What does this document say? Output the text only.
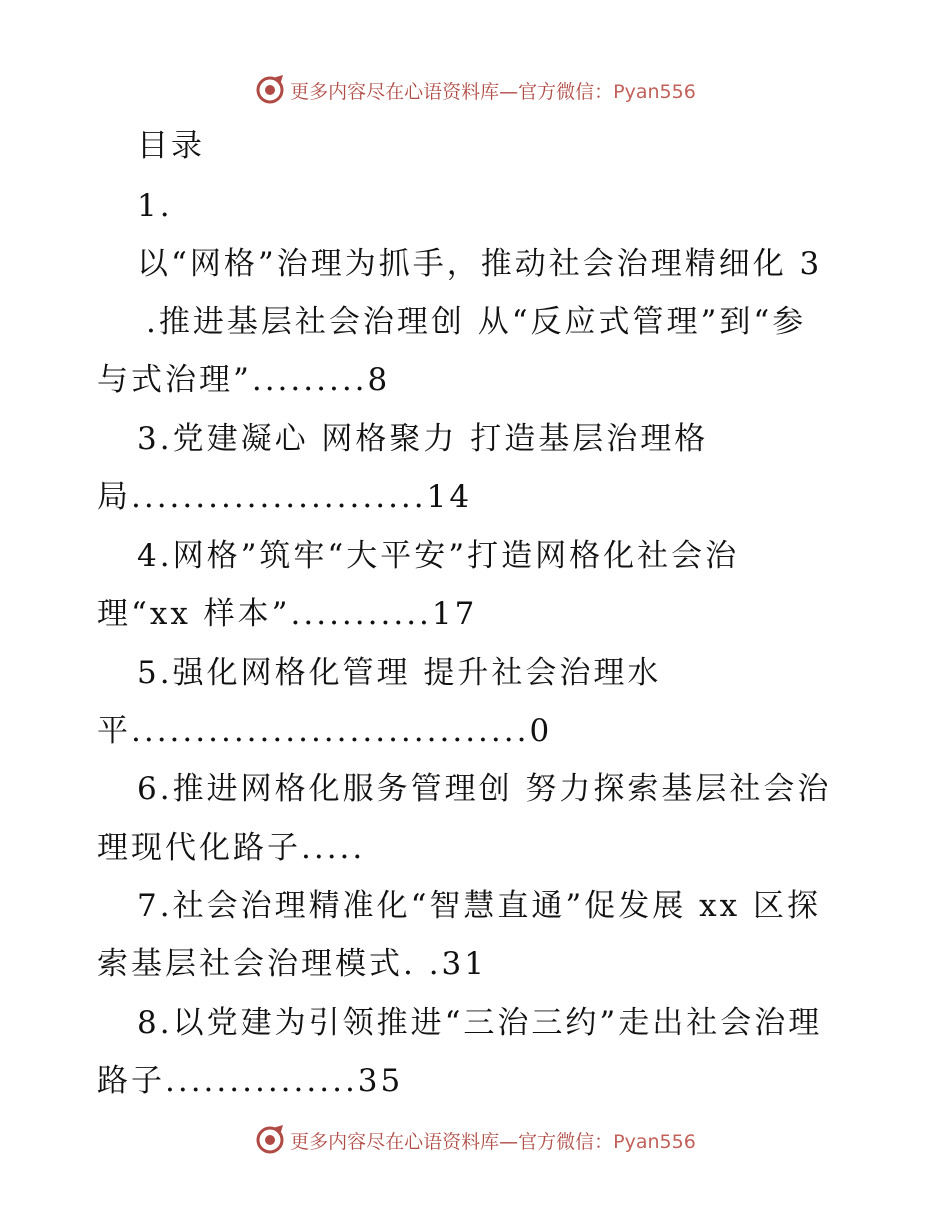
更多内容尽在心语资料库—官方微信：Pyan556
目录
1.
以“网格”治理为抓手，推动社会治理精细化 3
.推进基层社会治理创 从“反应式管理”到“参
与式治理”.........8
3.党建凝心 网格聚力 打造基层治理格
局.......................14
4.网格”筑牢“大平安”打造网格化社会治
理“xx 样本”...........17
5.强化网格化管理 提升社会治理水
平...............................0
6.推进网格化服务管理创 努力探索基层社会治
理现代化路子.....
7.社会治理精准化“智慧直通”促发展 xx 区探
索基层社会治理模式. .31
8.以党建为引领推进“三治三约”走出社会治理
路子...............35
更多内容尽在心语资料库—官方微信：Pyan556
